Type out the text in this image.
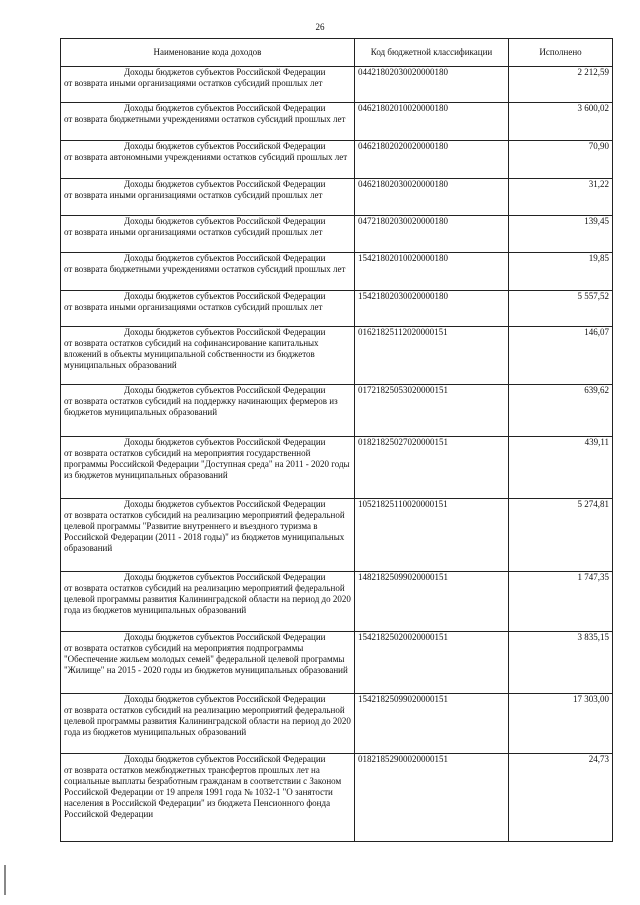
26
Наименование кода доходов	Код бюджетной классификации	Исполнено

Доходы бюджетов субъектов Российской Федерации
от возврата иными организациями остатков субсидий прошлых лет	04421802030020000180	2 212,59

Доходы бюджетов субъектов Российской Федерации
от возврата бюджетными учреждениями остатков субсидий прошлых лет	04621802010020000180	3 600,02

Доходы бюджетов субъектов Российской Федерации
от возврата автономными учреждениями остатков субсидий прошлых лет	04621802020020000180	70,90

Доходы бюджетов субъектов Российской Федерации
от возврата иными организациями остатков субсидий прошлых лет	04621802030020000180	31,22

Доходы бюджетов субъектов Российской Федерации
от возврата иными организациями остатков субсидий прошлых лет	04721802030020000180	139,45

Доходы бюджетов субъектов Российской Федерации
от возврата бюджетными учреждениями остатков субсидий прошлых лет	15421802010020000180	19,85

Доходы бюджетов субъектов Российской Федерации
от возврата иными организациями остатков субсидий прошлых лет	15421802030020000180	5 557,52

Доходы бюджетов субъектов Российской Федерации
от возврата остатков субсидий на софинансирование капитальных вложений в объекты муниципальной собственности из бюджетов муниципальных образований	01621825112020000151	146,07

Доходы бюджетов субъектов Российской Федерации
от возврата остатков субсидий на поддержку начинающих фермеров из бюджетов муниципальных образований	01721825053020000151	639,62

Доходы бюджетов субъектов Российской Федерации
от возврата остатков субсидий на мероприятия государственной программы Российской Федерации "Доступная среда" на 2011 - 2020 годы из бюджетов муниципальных образований	01821825027020000151	439,11

Доходы бюджетов субъектов Российской Федерации
от возврата остатков субсидий на реализацию мероприятий федеральной целевой программы "Развитие внутреннего и въездного туризма в Российской Федерации (2011 - 2018 годы)" из бюджетов муниципальных образований	10521825110020000151	5 274,81

Доходы бюджетов субъектов Российской Федерации
от возврата остатков субсидий на реализацию мероприятий федеральной целевой программы развития Калининградской области на период до 2020 года из бюджетов муниципальных образований	14821825099020000151	1 747,35

Доходы бюджетов субъектов Российской Федерации
от возврата остатков субсидий на мероприятия подпрограммы "Обеспечение жильем молодых семей" федеральной целевой программы "Жилище" на 2015 - 2020 годы из бюджетов муниципальных образований	15421825020020000151	3 835,15

Доходы бюджетов субъектов Российской Федерации
от возврата остатков субсидий на реализацию мероприятий федеральной целевой программы развития Калининградской области на период до 2020 года из бюджетов муниципальных образований	15421825099020000151	17 303,00

Доходы бюджетов субъектов Российской Федерации
от возврата остатков межбюджетных трансфертов прошлых лет на социальные выплаты безработным гражданам в соответствии с Законом Российской Федерации от 19 апреля 1991 года № 1032-1 "О занятости населения в Российской Федерации" из бюджета Пенсионного фонда Российской Федерации	01821852900020000151	24,73
